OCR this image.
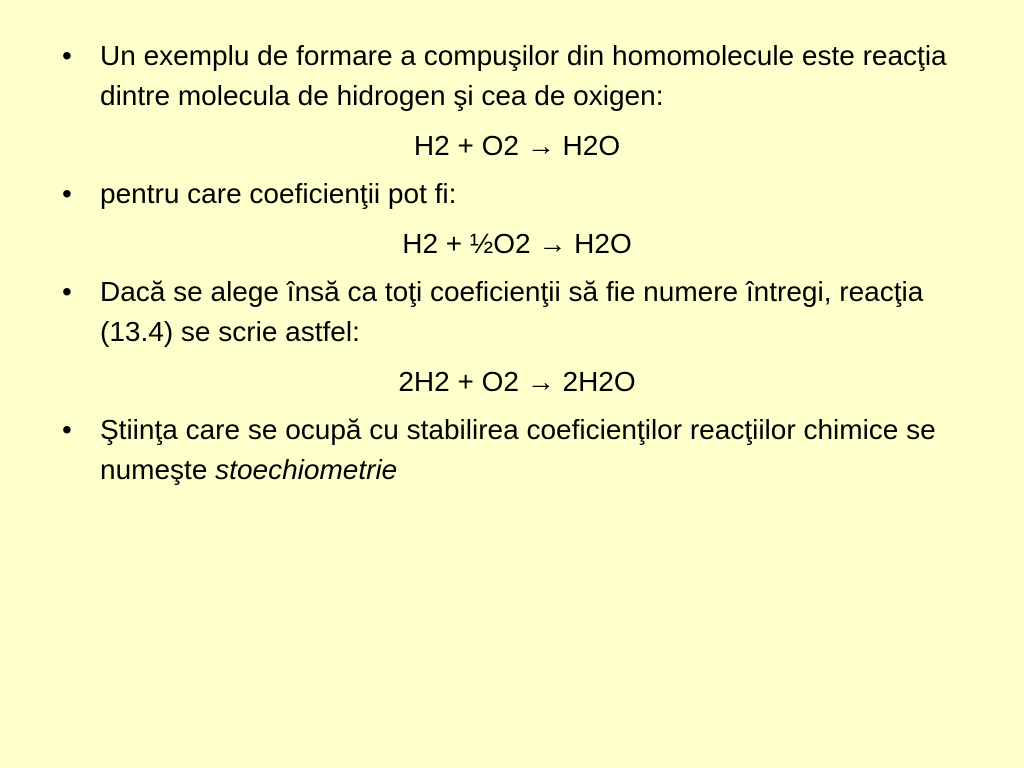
•	Un exemplu de formare a compuşilor din homomolecule este reacţia dintre molecula de hidrogen şi cea de oxigen:

H2 + O2 → H2O

•	pentru care coeficienţii pot fi:

H2 + ½O2 → H2O

•	Dacă se alege însă ca toţi coeficienţii să fie numere întregi, reacţia (13.4) se scrie astfel:

2H2 + O2 → 2H2O

•	Ştiinţa care se ocupă cu stabilirea coeficienţilor reacţiilor chimice se numeşte stoechiometrie
